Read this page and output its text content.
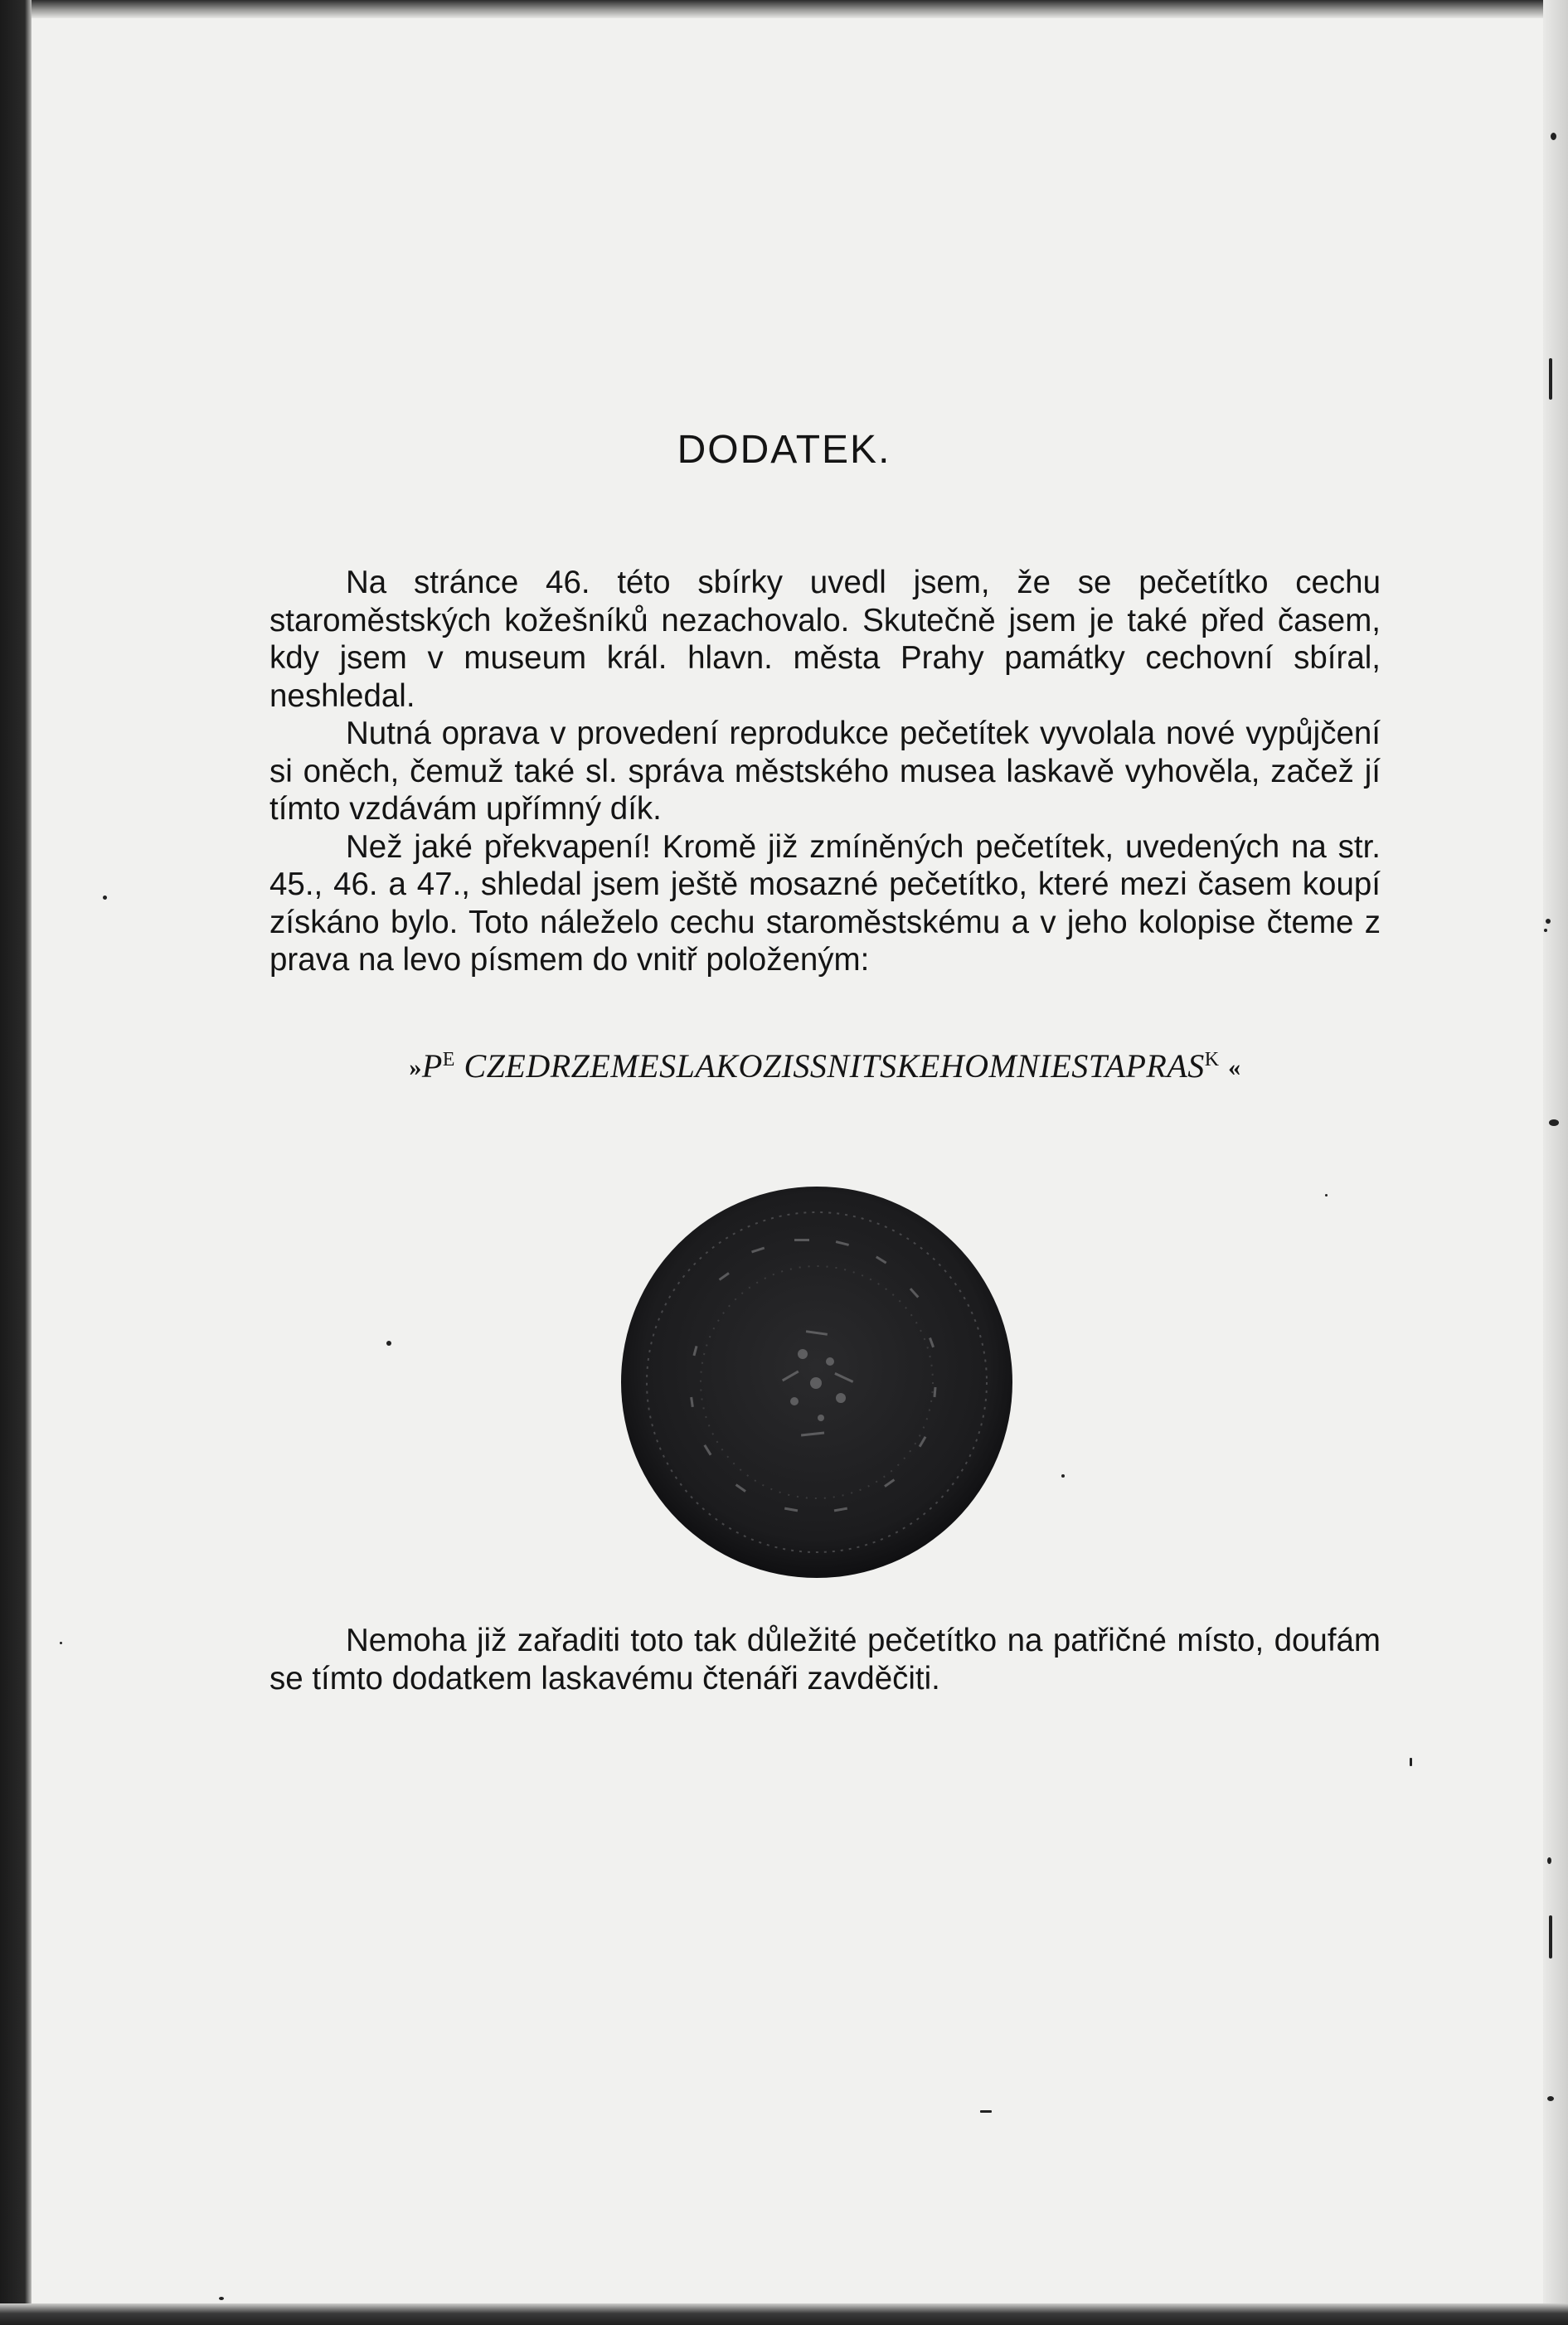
DODATEK.

Na stránce 46. této sbírky uvedl jsem, že se pečetítko cechu staroměstských kožešníků nezachovalo. Skutečně jsem je také před časem, kdy jsem v museum král. hlavn. města Prahy památky cechovní sbíral, neshledal.

Nutná oprava v provedení reprodukce pečetítek vyvolala nové vypůjčení si oněch, čemuž také sl. správa městského musea laskavě vyhověla, začež jí tímto vzdávám upřímný dík.

Než jaké překvapení! Kromě již zmíněných pečetítek, uvedených na str. 45., 46. a 47., shledal jsem ještě mosazné pečetítko, které mezi časem koupí získáno bylo. Toto náleželo cechu staroměstskému a v jeho kolopise čteme z prava na levo písmem do vnitř položeným:

$»P^E$ $CZEDRZEMESLAKOZISSNITSKEHOMNIESTAPRAS^K$ «

Nemoha již zařaditi toto tak důležité pečetítko na patřičné místo, doufám se tímto dodatkem laskavému čtenáři zavděčiti.
